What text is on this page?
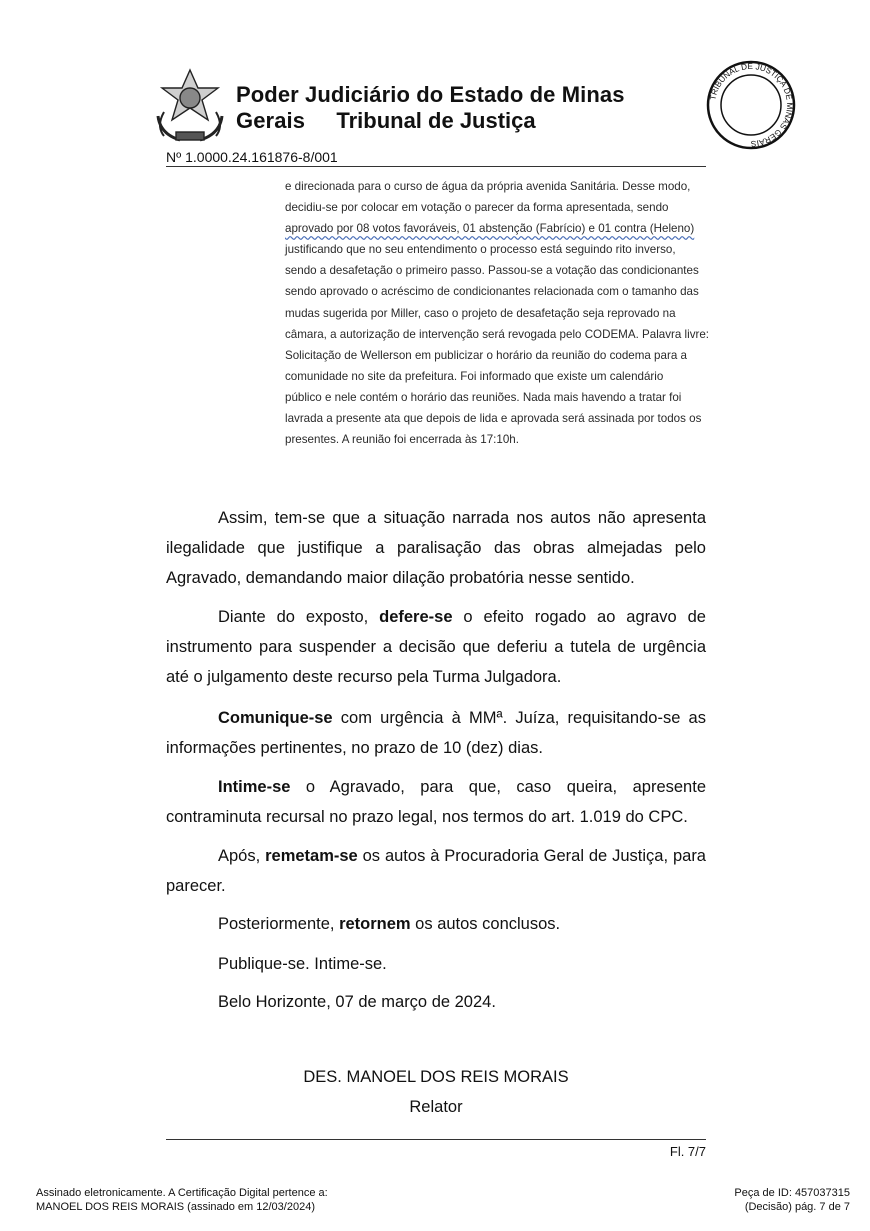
Poder Judiciário do Estado de Minas Gerais	Tribunal de Justiça
TRIBUNAL DE JUSTIÇA DE MINAS GERAIS
Nº 1.0000.24.161876-8/001
e direcionada para o curso de água da própria avenida Sanitária. Desse modo,
decidiu-se por colocar em votação o parecer da forma apresentada, sendo
aprovado por 08 votos favoráveis, 01 abstenção (Fabrício) e 01 contra (Heleno)
justificando que no seu entendimento o processo está seguindo rito inverso,
sendo a desafetação o primeiro passo. Passou-se a votação das condicionantes
sendo aprovado o acréscimo de condicionantes relacionada com o tamanho das
mudas sugerida por Miller, caso o projeto de desafetação seja reprovado na
câmara, a autorização de intervenção será revogada pelo CODEMA. Palavra livre:
Solicitação de Wellerson em publicizar o horário da reunião do codema para a
comunidade no site da prefeitura. Foi informado que existe um calendário
público e nele contém o horário das reuniões. Nada mais havendo a tratar foi
lavrada a presente ata que depois de lida e aprovada será assinada por todos os
presentes. A reunião foi encerrada às 17:10h.
Assim, tem-se que a situação narrada nos autos não apresenta ilegalidade que justifique a paralisação das obras almejadas pelo Agravado, demandando maior dilação probatória nesse sentido.
Diante do exposto, defere-se o efeito rogado ao agravo de instrumento para suspender a decisão que deferiu a tutela de urgência até o julgamento deste recurso pela Turma Julgadora.
Comunique-se com urgência à MMª. Juíza, requisitando-se as informações pertinentes, no prazo de 10 (dez) dias.
Intime-se o Agravado, para que, caso queira, apresente contraminuta recursal no prazo legal, nos termos do art. 1.019 do CPC.
Após, remetam-se os autos à Procuradoria Geral de Justiça, para parecer.
Posteriormente, retornem os autos conclusos.
Publique-se. Intime-se.
Belo Horizonte, 07 de março de 2024.
DES. MANOEL DOS REIS MORAIS
Relator
Fl. 7/7
Assinado eletronicamente. A Certificação Digital pertence a:
MANOEL DOS REIS MORAIS (assinado em 12/03/2024)
Peça de ID: 457037315
(Decisão) pág. 7 de 7
